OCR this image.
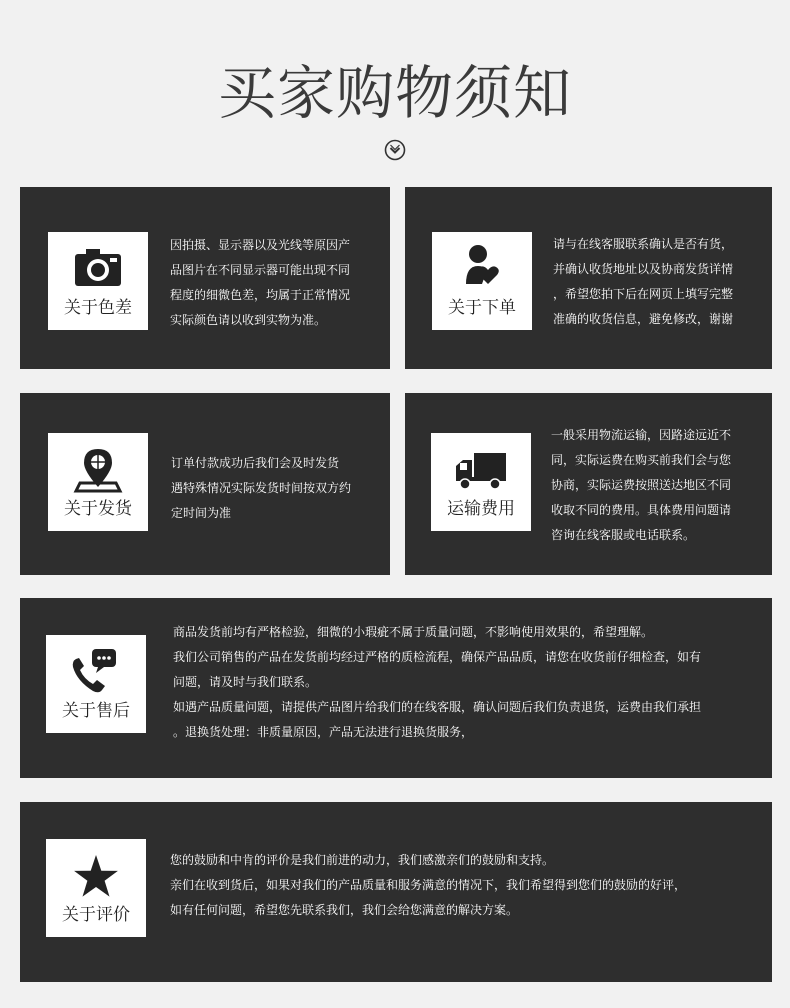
买家购物须知
关于色差

因拍摄、显示器以及光线等原因产

品图片在不同显示器可能出现不同

程度的细微色差，均属于正常情况

实际颜色请以收到实物为准。

关于下单

请与在线客服联系确认是否有货，

并确认收货地址以及协商发货详情

，希望您拍下后在网页上填写完整

准确的收货信息，避免修改，谢谢

关于发货

订单付款成功后我们会及时发货

遇特殊情况实际发货时间按双方约

定时间为准	运输费用

一般采用物流运输，因路途远近不

同，实际运费在购买前我们会与您

协商，实际运费按照送达地区不同

收取不同的费用。具体费用问题请

咨询在线客服或电话联系。

关于售后

商品发货前均有严格检验，细微的小瑕疵不属于质量问题，不影响使用效果的，希望理解。

我们公司销售的产品在发货前均经过严格的质检流程，确保产品品质，请您在收货前仔细检查，如有

问题，请及时与我们联系。

如遇产品质量问题，请提供产品图片给我们的在线客服，确认问题后我们负责退货，运费由我们承担

。退换货处理：非质量原因，产品无法进行退换货服务，

关于评价

您的鼓励和中肯的评价是我们前进的动力，我们感激亲们的鼓励和支持。

亲们在收到货后，如果对我们的产品质量和服务满意的情况下，我们希望得到您们的鼓励的好评，

如有任何问题，希望您先联系我们，我们会给您满意的解决方案。
